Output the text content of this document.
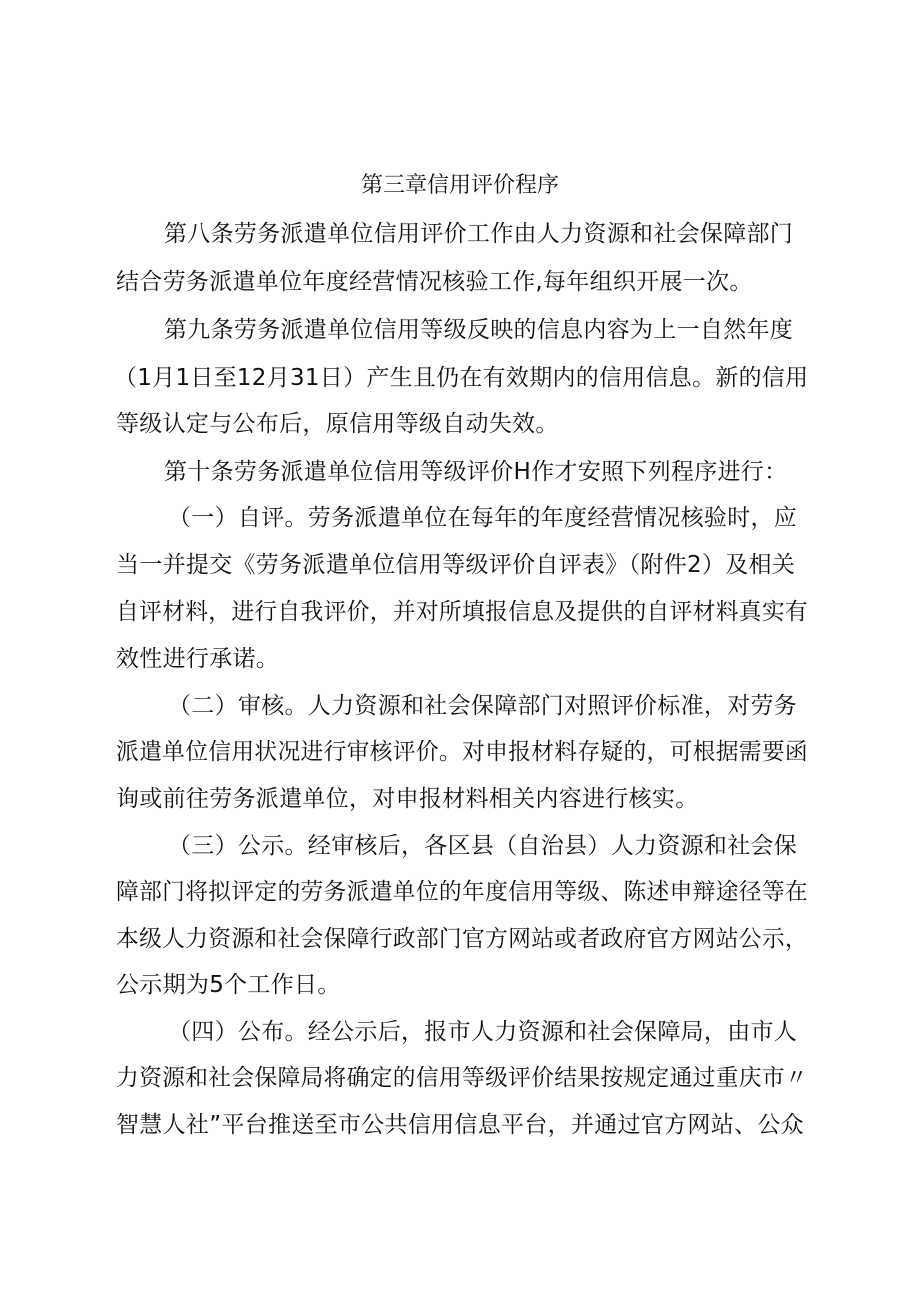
第三章信用评价程序
第八条劳务派遣单位信用评价工作由人力资源和社会保障部门
结合劳务派遣单位年度经营情况核验工作,每年组织开展一次。
第九条劳务派遣单位信用等级反映的信息内容为上一自然年度
（1月1日至12月31日）产生且仍在有效期内的信用信息。新的信用
等级认定与公布后，原信用等级自动失效。
第十条劳务派遣单位信用等级评价H作才安照下列程序进行：
（一）自评。劳务派遣单位在每年的年度经营情况核验时，应
当一并提交《劳务派遣单位信用等级评价自评表》（附件2）及相关
自评材料，进行自我评价，并对所填报信息及提供的自评材料真实有
效性进行承诺。
（二）审核。人力资源和社会保障部门对照评价标准，对劳务
派遣单位信用状况进行审核评价。对申报材料存疑的，可根据需要函
询或前往劳务派遣单位，对申报材料相关内容进行核实。
（三）公示。经审核后，各区县（自治县）人力资源和社会保
障部门将拟评定的劳务派遣单位的年度信用等级、陈述申辩途径等在
本级人力资源和社会保障行政部门官方网站或者政府官方网站公示，
公示期为5个工作日。
（四）公布。经公示后，报市人力资源和社会保障局，由市人
力资源和社会保障局将确定的信用等级评价结果按规定通过重庆市〃
智慧人社”平台推送至市公共信用信息平台，并通过官方网站、公众
